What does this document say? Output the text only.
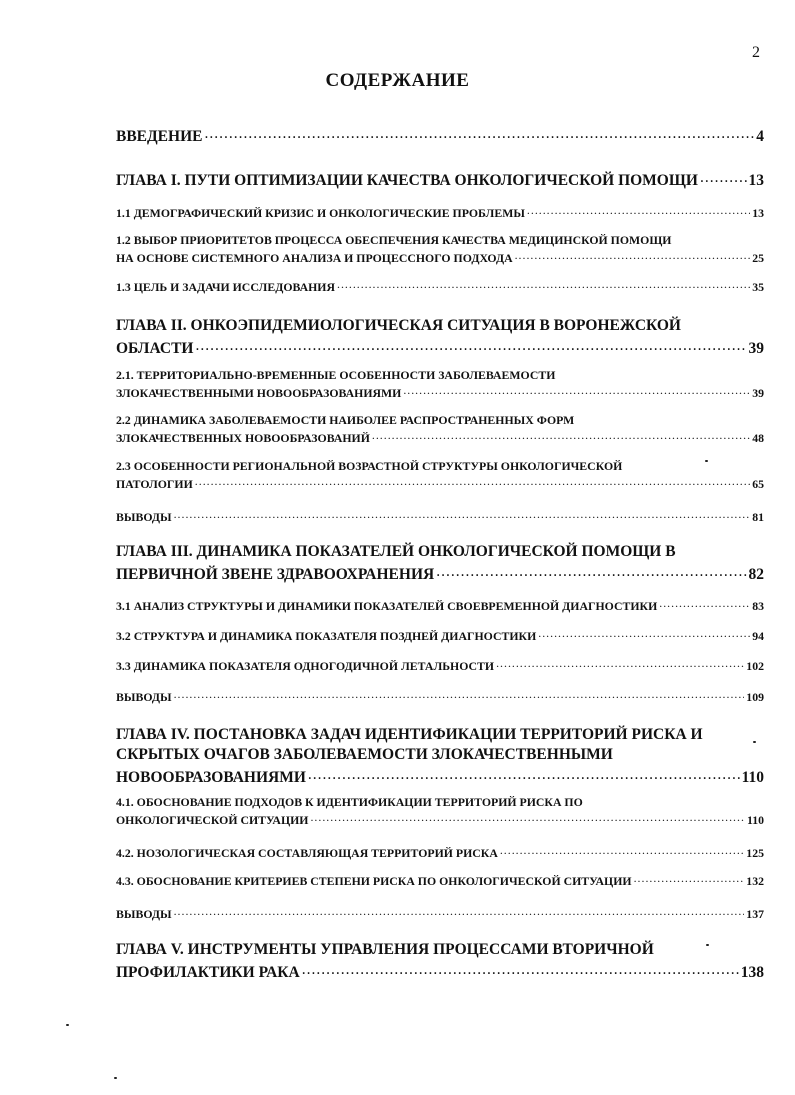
2
СОДЕРЖАНИЕ
ВВЕДЕНИЕ .....	4
ГЛАВА I. ПУТИ ОПТИМИЗАЦИИ КАЧЕСТВА ОНКОЛОГИЧЕСКОЙ ПОМОЩИ .....	13
1.1 ДЕМОГРАФИЧЕСКИЙ КРИЗИС И ОНКОЛОГИЧЕСКИЕ ПРОБЛЕМЫ .....	13
1.2 ВЫБОР ПРИОРИТЕТОВ ПРОЦЕССА ОБЕСПЕЧЕНИЯ КАЧЕСТВА МЕДИЦИНСКОЙ ПОМОЩИ
НА ОСНОВЕ СИСТЕМНОГО АНАЛИЗА И ПРОЦЕССНОГО ПОДХОДА .....	25
1.3 ЦЕЛЬ И ЗАДАЧИ ИССЛЕДОВАНИЯ .....	35
ГЛАВА II. ОНКОЭПИДЕМИОЛОГИЧЕСКАЯ СИТУАЦИЯ В ВОРОНЕЖСКОЙ
ОБЛАСТИ .....	39
2.1. ТЕРРИТОРИАЛЬНО-ВРЕМЕННЫЕ ОСОБЕННОСТИ ЗАБОЛЕВАЕМОСТИ
ЗЛОКАЧЕСТВЕННЫМИ НОВООБРАЗОВАНИЯМИ .....	39
2.2 ДИНАМИКА ЗАБОЛЕВАЕМОСТИ НАИБОЛЕЕ РАСПРОСТРАНЕННЫХ ФОРМ
ЗЛОКАЧЕСТВЕННЫХ НОВООБРАЗОВАНИЙ .....	48
2.3 ОСОБЕННОСТИ РЕГИОНАЛЬНОЙ ВОЗРАСТНОЙ СТРУКТУРЫ ОНКОЛОГИЧЕСКОЙ
ПАТОЛОГИИ .....	65
ВЫВОДЫ .....	81
ГЛАВА III. ДИНАМИКА ПОКАЗАТЕЛЕЙ ОНКОЛОГИЧЕСКОЙ ПОМОЩИ В
ПЕРВИЧНОЙ ЗВЕНЕ ЗДРАВООХРАНЕНИЯ .....	82
3.1 АНАЛИЗ СТРУКТУРЫ И ДИНАМИКИ ПОКАЗАТЕЛЕЙ СВОЕВРЕМЕННОЙ ДИАГНОСТИКИ .....	83
3.2 СТРУКТУРА И ДИНАМИКА ПОКАЗАТЕЛЯ ПОЗДНЕЙ ДИАГНОСТИКИ .....	94
3.3 ДИНАМИКА ПОКАЗАТЕЛЯ ОДНОГОДИЧНОЙ ЛЕТАЛЬНОСТИ .....	102
ВЫВОДЫ .....	109
ГЛАВА IV. ПОСТАНОВКА ЗАДАЧ ИДЕНТИФИКАЦИИ ТЕРРИТОРИЙ РИСКА И
СКРЫТЫХ ОЧАГОВ ЗАБОЛЕВАЕМОСТИ ЗЛОКАЧЕСТВЕННЫМИ
НОВООБРАЗОВАНИЯМИ .....	110
4.1. ОБОСНОВАНИЕ ПОДХОДОВ К ИДЕНТИФИКАЦИИ ТЕРРИТОРИЙ РИСКА ПО
ОНКОЛОГИЧЕСКОЙ СИТУАЦИИ .....	110
4.2. НОЗОЛОГИЧЕСКАЯ СОСТАВЛЯЮЩАЯ ТЕРРИТОРИЙ РИСКА .....	125
4.3. ОБОСНОВАНИЕ КРИТЕРИЕВ СТЕПЕНИ РИСКА ПО ОНКОЛОГИЧЕСКОЙ СИТУАЦИИ .....	132
ВЫВОДЫ .....	137
ГЛАВА V. ИНСТРУМЕНТЫ УПРАВЛЕНИЯ ПРОЦЕССАМИ ВТОРИЧНОЙ
ПРОФИЛАКТИКИ РАКА .....	138
